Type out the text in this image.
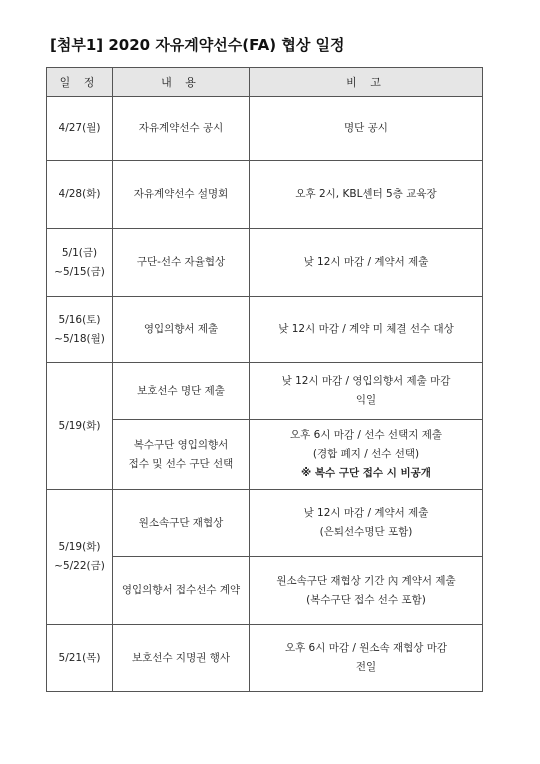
[첨부1] 2020 자유계약선수(FA) 협상 일정
일 정	내 용	비 고

4/27(월)	자유계약선수 공시	명단 공시

4/28(화)	자유계약선수 설명회	오후 2시, KBL센터 5층 교육장

5/1(금)
~5/15(금)	구단-선수 자율협상	낮 12시 마감 / 계약서 제출

5/16(토)
~5/18(월)	영입의향서 제출	낮 12시 마감 / 계약 미 체결 선수 대상

5/19(화)	보호선수 명단 제출	낮 12시 마감 / 영입의향서 제출 마감
익일

	복수구단 영입의향서
접수 및 선수 구단 선택	오후 6시 마감 / 선수 선택지 제출
(경합 폐지 / 선수 선택)
※ 복수 구단 접수 시 비공개

5/19(화)
~5/22(금)	원소속구단 재협상	낮 12시 마감 / 계약서 제출
(은퇴선수명단 포함)

	영입의향서 접수선수 계약	원소속구단 재협상 기간 內 계약서 제출
(복수구단 접수 선수 포함)

5/21(목)	보호선수 지명권 행사	오후 6시 마감 / 원소속 재협상 마감
전일
